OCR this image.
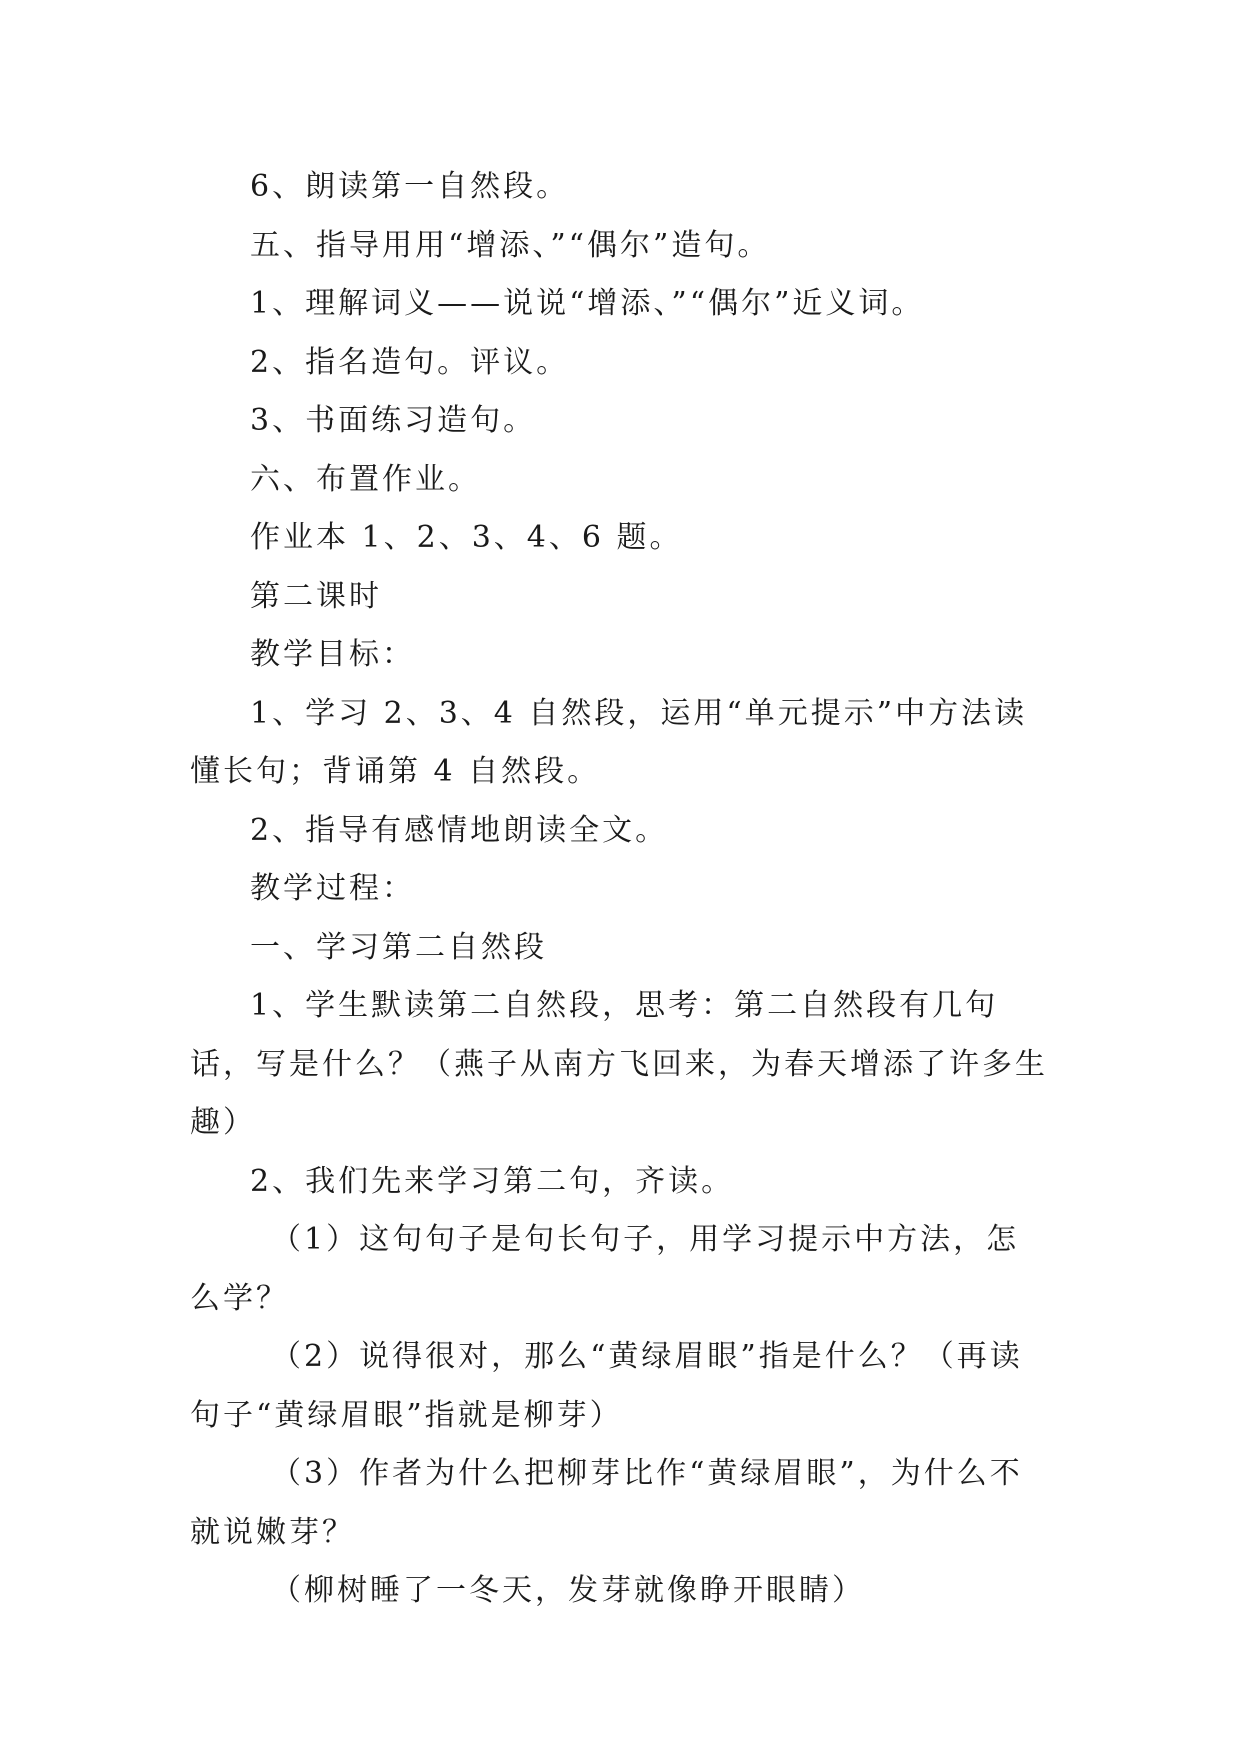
6、朗读第一自然段。

五、指导用用“增添、”“偶尔”造句。

1、理解词义——说说“增添、”“偶尔”近义词。

2、指名造句。评议。

3、书面练习造句。

六、布置作业。

作业本 1、2、3、4、6 题。

第二课时

教学目标：

1、学习 2、3、4 自然段，运用“单元提示”中方法读懂长句；背诵第 4 自然段。

2、指导有感情地朗读全文。

教学过程：

一、学习第二自然段

1、学生默读第二自然段，思考：第二自然段有几句话，写是什么？（燕子从南方飞回来，为春天增添了许多生趣）

2、我们先来学习第二句，齐读。

（1）这句句子是句长句子，用学习提示中方法，怎么学？

（2）说得很对，那么“黄绿眉眼”指是什么？（再读句子“黄绿眉眼”指就是柳芽）

（3）作者为什么把柳芽比作“黄绿眉眼”，为什么不就说嫩芽？

（柳树睡了一冬天，发芽就像睁开眼睛）
